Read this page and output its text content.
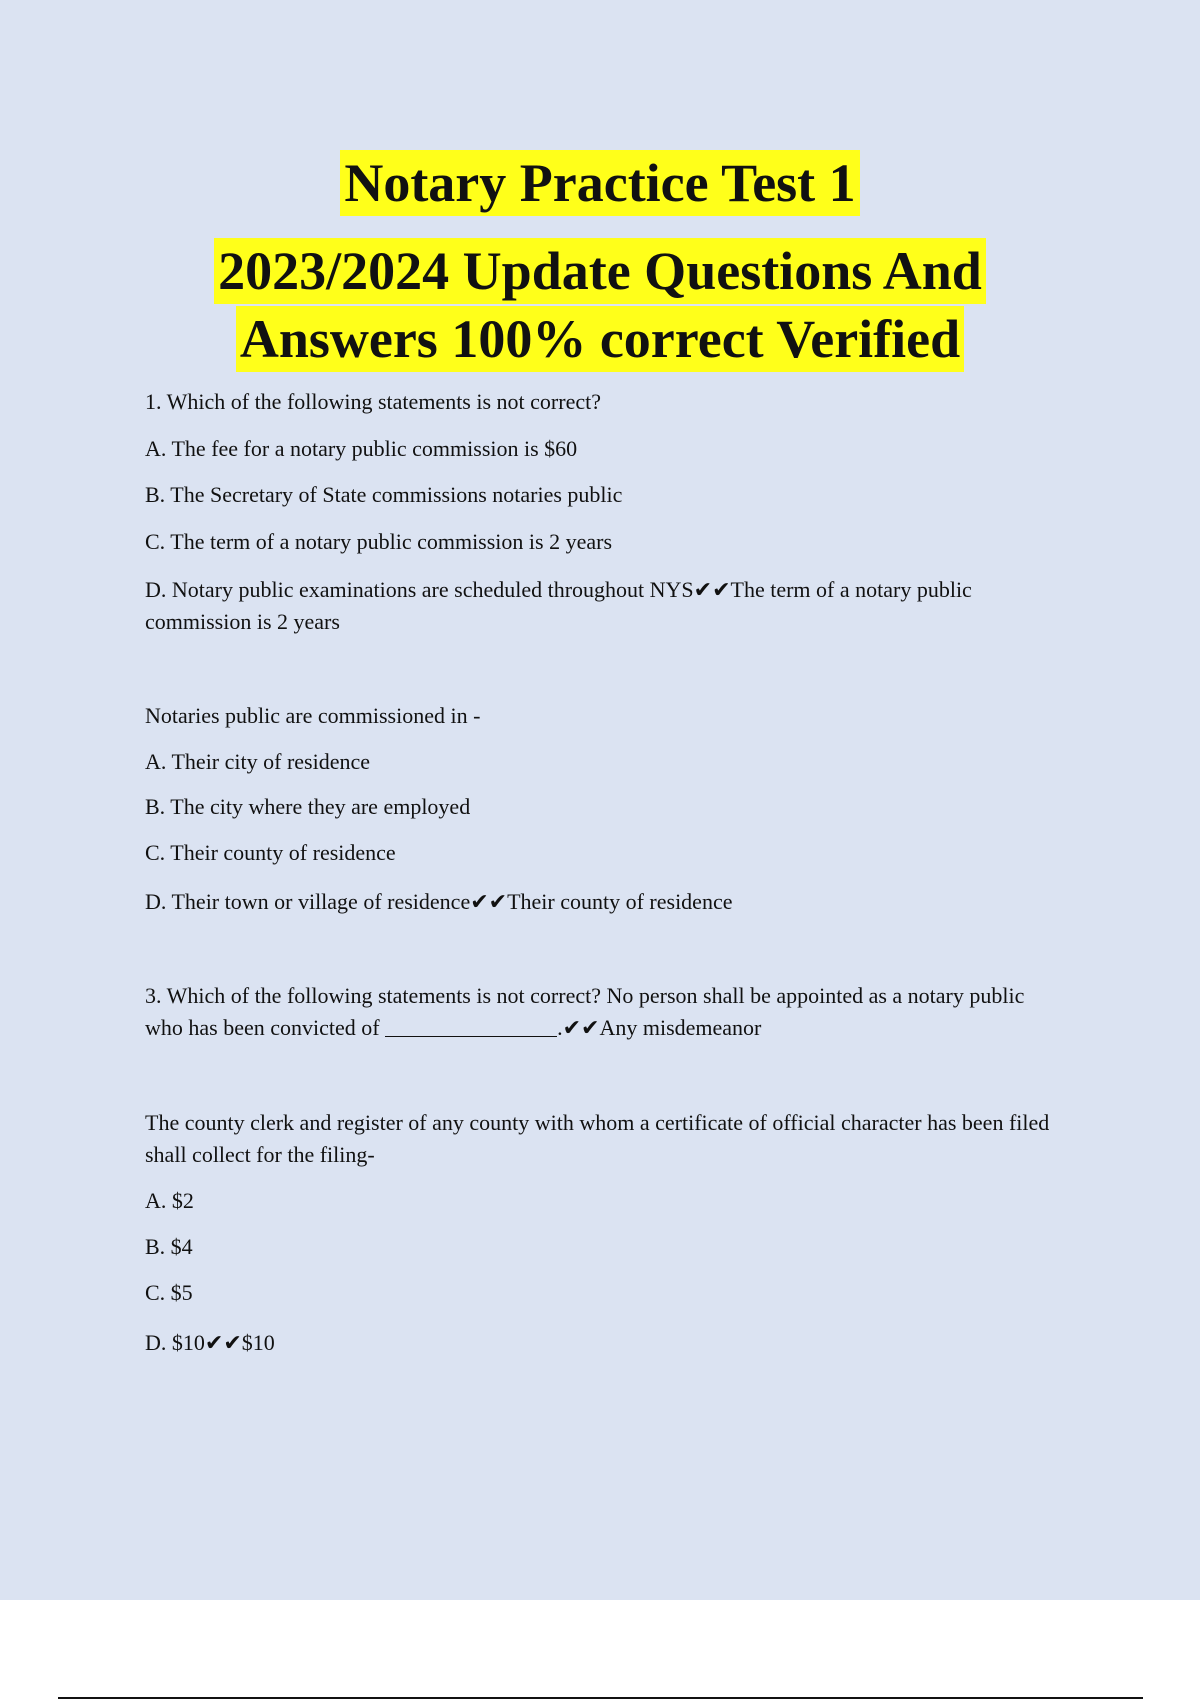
Notary Practice Test 1
2023/2024 Update Questions And
Answers 100% correct Verified
1. Which of the following statements is not correct?
A. The fee for a notary public commission is $60
B. The Secretary of State commissions notaries public
C. The term of a notary public commission is 2 years
D. Notary public examinations are scheduled throughout NYS✔✔The term of a notary public commission is 2 years
Notaries public are commissioned in -
A. Their city of residence
B. The city where they are employed
C. Their county of residence
D. Their town or village of residence✔✔Their county of residence
3. Which of the following statements is not correct? No person shall be appointed as a notary public who has been convicted of	.✔✔Any misdemeanor
The county clerk and register of any county with whom a certificate of official character has been filed shall collect for the filing-
A. $2
B. $4
C. $5
D. $10✔✔$10
